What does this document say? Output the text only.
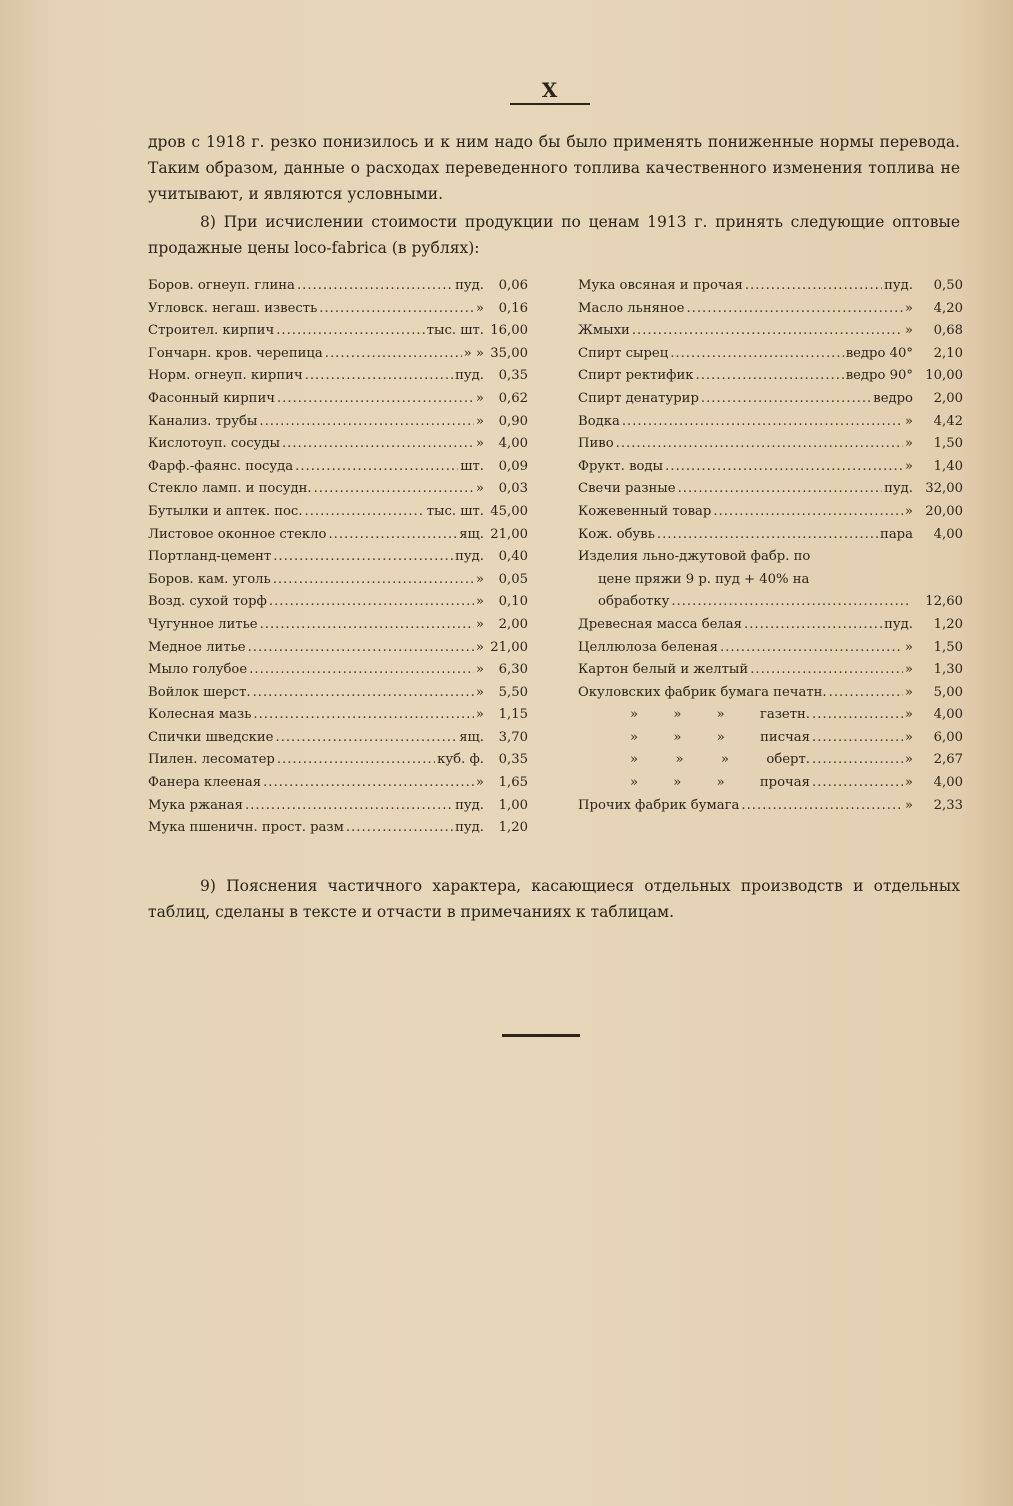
X
дров с 1918 г. резко понизилось и к ним надо бы было применять пониженные нормы перевода. Таким образом, данные о расходах переведенного топлива качественного изменения топлива не учитывают, и являются условными.
8) При исчислении стоимости продукции по ценам 1913 г. принять следующие оптовые продажные цены loco-fabrica (в рублях):
Боров. огнеуп. глина .....	пуд.	0,06
Угловск. негаш. известь .....	»	0,16
Строител. кирпич .....	тыс. шт. 16,00
Гончарн. кров. черепица .....	» » 35,00
Норм. огнеуп. кирпич .....	пуд.	0,35
Фасонный кирпич .....	»	0,62
Канализ. трубы .....	»	0,90
Кислотоуп. сосуды .....	»	4,00
Фарф.-фаянс. посуда .....	шт.	0,09
Стекло ламп. и посудн. .....	»	0,03
Бутылки и аптек. пос. .....	тыс. шт. 45,00
Листовое оконное стекло .....	ящ. 21,00
Портланд-цемент .....	пуд.	0,40
Боров. кам. уголь .....	»	0,05
Возд. сухой торф .....	»	0,10
Чугунное литье .....	»	2,00
Медное литье .....	» 21,00
Мыло голубое .....	»	6,30
Войлок шерст. .....	»	5,50
Колесная мазь .....	»	1,15
Спички шведские .....	ящ.	3,70
Пилен. лесоматер .....	куб. ф.	0,35
Фанера клееная .....	»	1,65
Мука ржаная .....	пуд.	1,00
Мука пшеничн. прост. разм .....	пуд.	1,20
Мука овсяная и прочая .....	пуд.	0,50
Масло льняное .....	»	4,20
Жмыхи .....	»	0,68
Спирт сырец .....	ведро 40°	2,10
Спирт ректифик .....	ведро 90° 10,00
Спирт денатурир .....	ведро	2,00
Водка .....	»	4,42
Пиво .....	»	1,50
Фрукт. воды .....	»	1,40
Свечи разные .....	пуд. 32,00
Кожевенный товар .....	» 20,00
Кож. обувь .....	пара	4,00
Изделия льно-джутовой фабр. по
цене пряжи 9 р. пуд + 40% на
обработку .....	12,60
Древесная масса белая .....	пуд.	1,20
Целлюлоза беленая .....	»	1,50
Картон белый и желтый .....	»	1,30
Окуловских фабрик бумага печатн. .....	»	5,00
»	»	»	газетн. .....	»	4,00
»	»	»	писчая .....	»	6,00
»	»	»	оберт. .....	»	2,67
»	»	»	прочая .....	»	4,00
Прочих фабрик бумага .....	»	2,33
9) Пояснения частичного характера, касающиеся отдельных производств и отдельных таблиц, сделаны в тексте и отчасти в примечаниях к таблицам.
